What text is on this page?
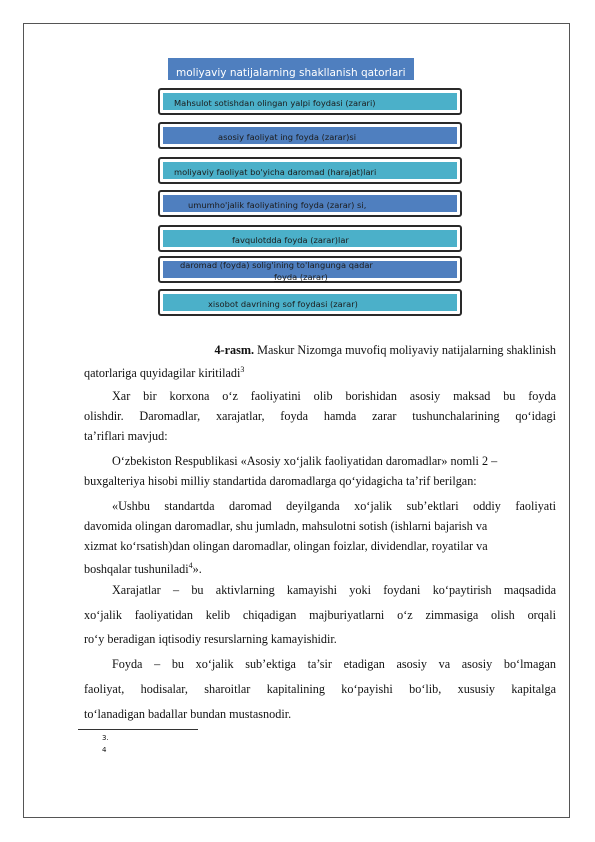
moliyaviy natijalarning shakllanish qatorlari
Mahsulot sotishdan olingan yalpi foydasi (zarari)
asosiy faoliyat ing foyda (zarar)si
moliyaviy faoliyat bo'yicha daromad (harajat)lari
umumho'jalik faoliyatining foyda (zarar) si,
favqulotdda foyda (zarar)lar
daromad (foyda) solig'ining to'langunga qadar
foyda (zarar)
xisobot davrining sof foydasi (zarar)
4-rasm. Maskur Nizomga muvofiq moliyaviy natijalarning shaklinish
qatorlariga quyidagilar kiritiladi$^3$
Xar bir korxona o‘z faoliyatini olib borishidan asosiy maksad bu foyda
olishdir. Daromadlar, xarajatlar, foyda hamda zarar tushunchalarining qo‘idagi
ta’riflari mavjud:
O‘zbekiston Respublikasi «Asosiy xo‘jalik faoliyatidan daromadlar» nomli 2 –
buxgalteriya hisobi milliy standartida daromadlarga qo‘yidagicha ta’rif berilgan:
«Ushbu standartda daromad deyilganda xo‘jalik sub’ektlari oddiy faoliyati
davomida olingan daromadlar, shu jumladn, mahsulotni sotish (ishlarni bajarish va
xizmat ko‘rsatish)dan olingan daromadlar, olingan foizlar, dividendlar, royatilar va
boshqalar tushuniladi$^4$».
Xarajatlar – bu aktivlarning kamayishi yoki foydani ko‘paytirish maqsadida
xo‘jalik faoliyatidan kelib chiqadigan majburiyatlarni o‘z zimmasiga olish orqali
ro‘y beradigan iqtisodiy resurslarning kamayishidir.
Foyda – bu xo‘jalik sub’ektiga ta’sir etadigan asosiy va asosiy bo‘lmagan
faoliyat, hodisalar, sharoitlar kapitalining ko‘payishi bo‘lib, xususiy kapitalga
to‘lanadigan badallar bundan mustasnodir.
3.
4
